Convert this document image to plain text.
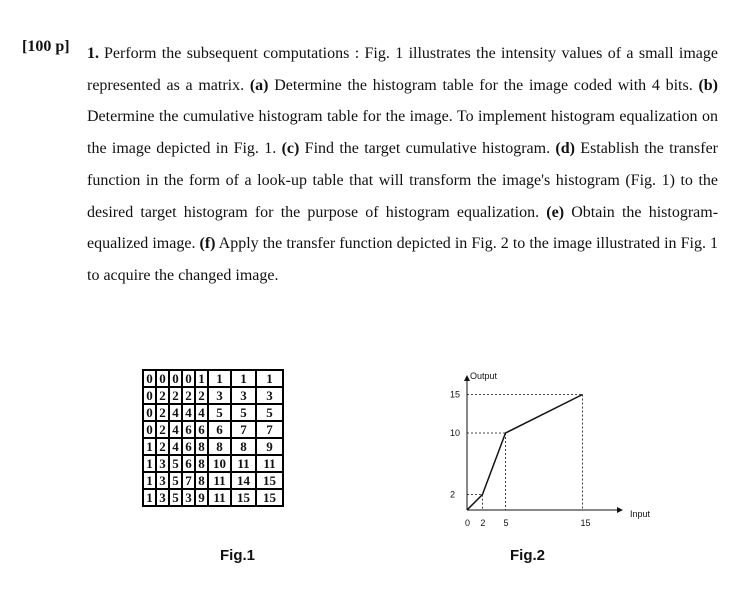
[100 p] 1. Perform the subsequent computations : Fig. 1 illustrates the intensity values of a small image represented as a matrix. (a) Determine the histogram table for the image coded with 4 bits. (b) Determine the cumulative histogram table for the image. To implement histogram equalization on the image depicted in Fig. 1. (c) Find the target cumulative histogram. (d) Establish the transfer function in the form of a look-up table that will transform the image's histogram (Fig. 1) to the desired target histogram for the purpose of histogram equalization. (e) Obtain the histogram-equalized image. (f) Apply the transfer function depicted in Fig. 2 to the image illustrated in Fig. 1 to acquire the changed image.
0	0	0	0	1	1	1	1
0	2	2	2	2	3	3	3
0	2	4	4	4	5	5	5
0	2	4	6	6	6	7	7
1	2	4	6	8	8	8	9
1	3	5	6	8	10	11	11
1	3	5	7	8	11	14	15
1	3	5	3	9	11	15	15
Fig.1
Output
Input
0 2 5	15
2
10
15
Fig.2
